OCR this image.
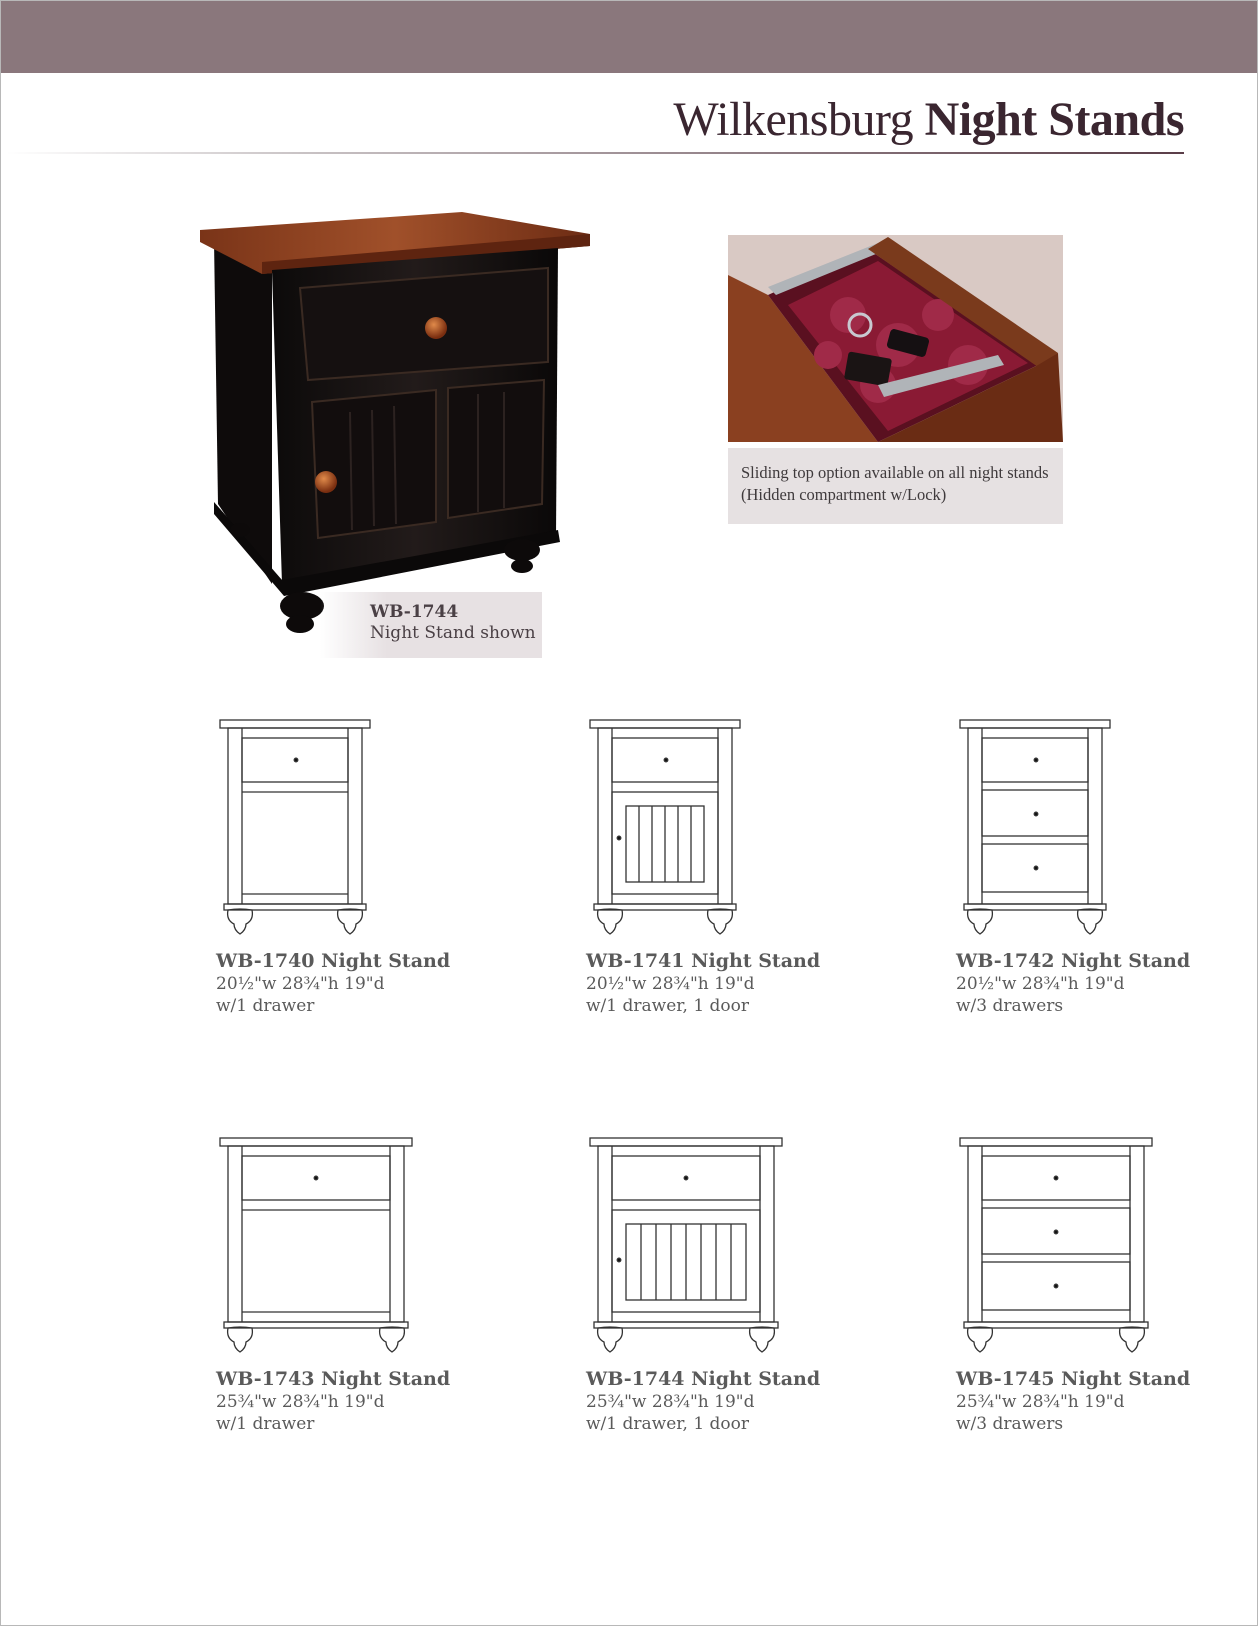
Wilkensburg Night Stands
WB-1744
Night Stand shown
Sliding top option available on all night stands
(Hidden compartment w/Lock)
WB-1740 Night Stand
20½"w 28¾"h 19"d
w/1 drawer
WB-1741 Night Stand
20½"w 28¾"h 19"d
w/1 drawer, 1 door
WB-1742 Night Stand
20½"w 28¾"h 19"d
w/3 drawers
WB-1743 Night Stand
25¾"w 28¾"h 19"d
w/1 drawer
WB-1744 Night Stand
25¾"w 28¾"h 19"d
w/1 drawer, 1 door
WB-1745 Night Stand
25¾"w 28¾"h 19"d
w/3 drawers
